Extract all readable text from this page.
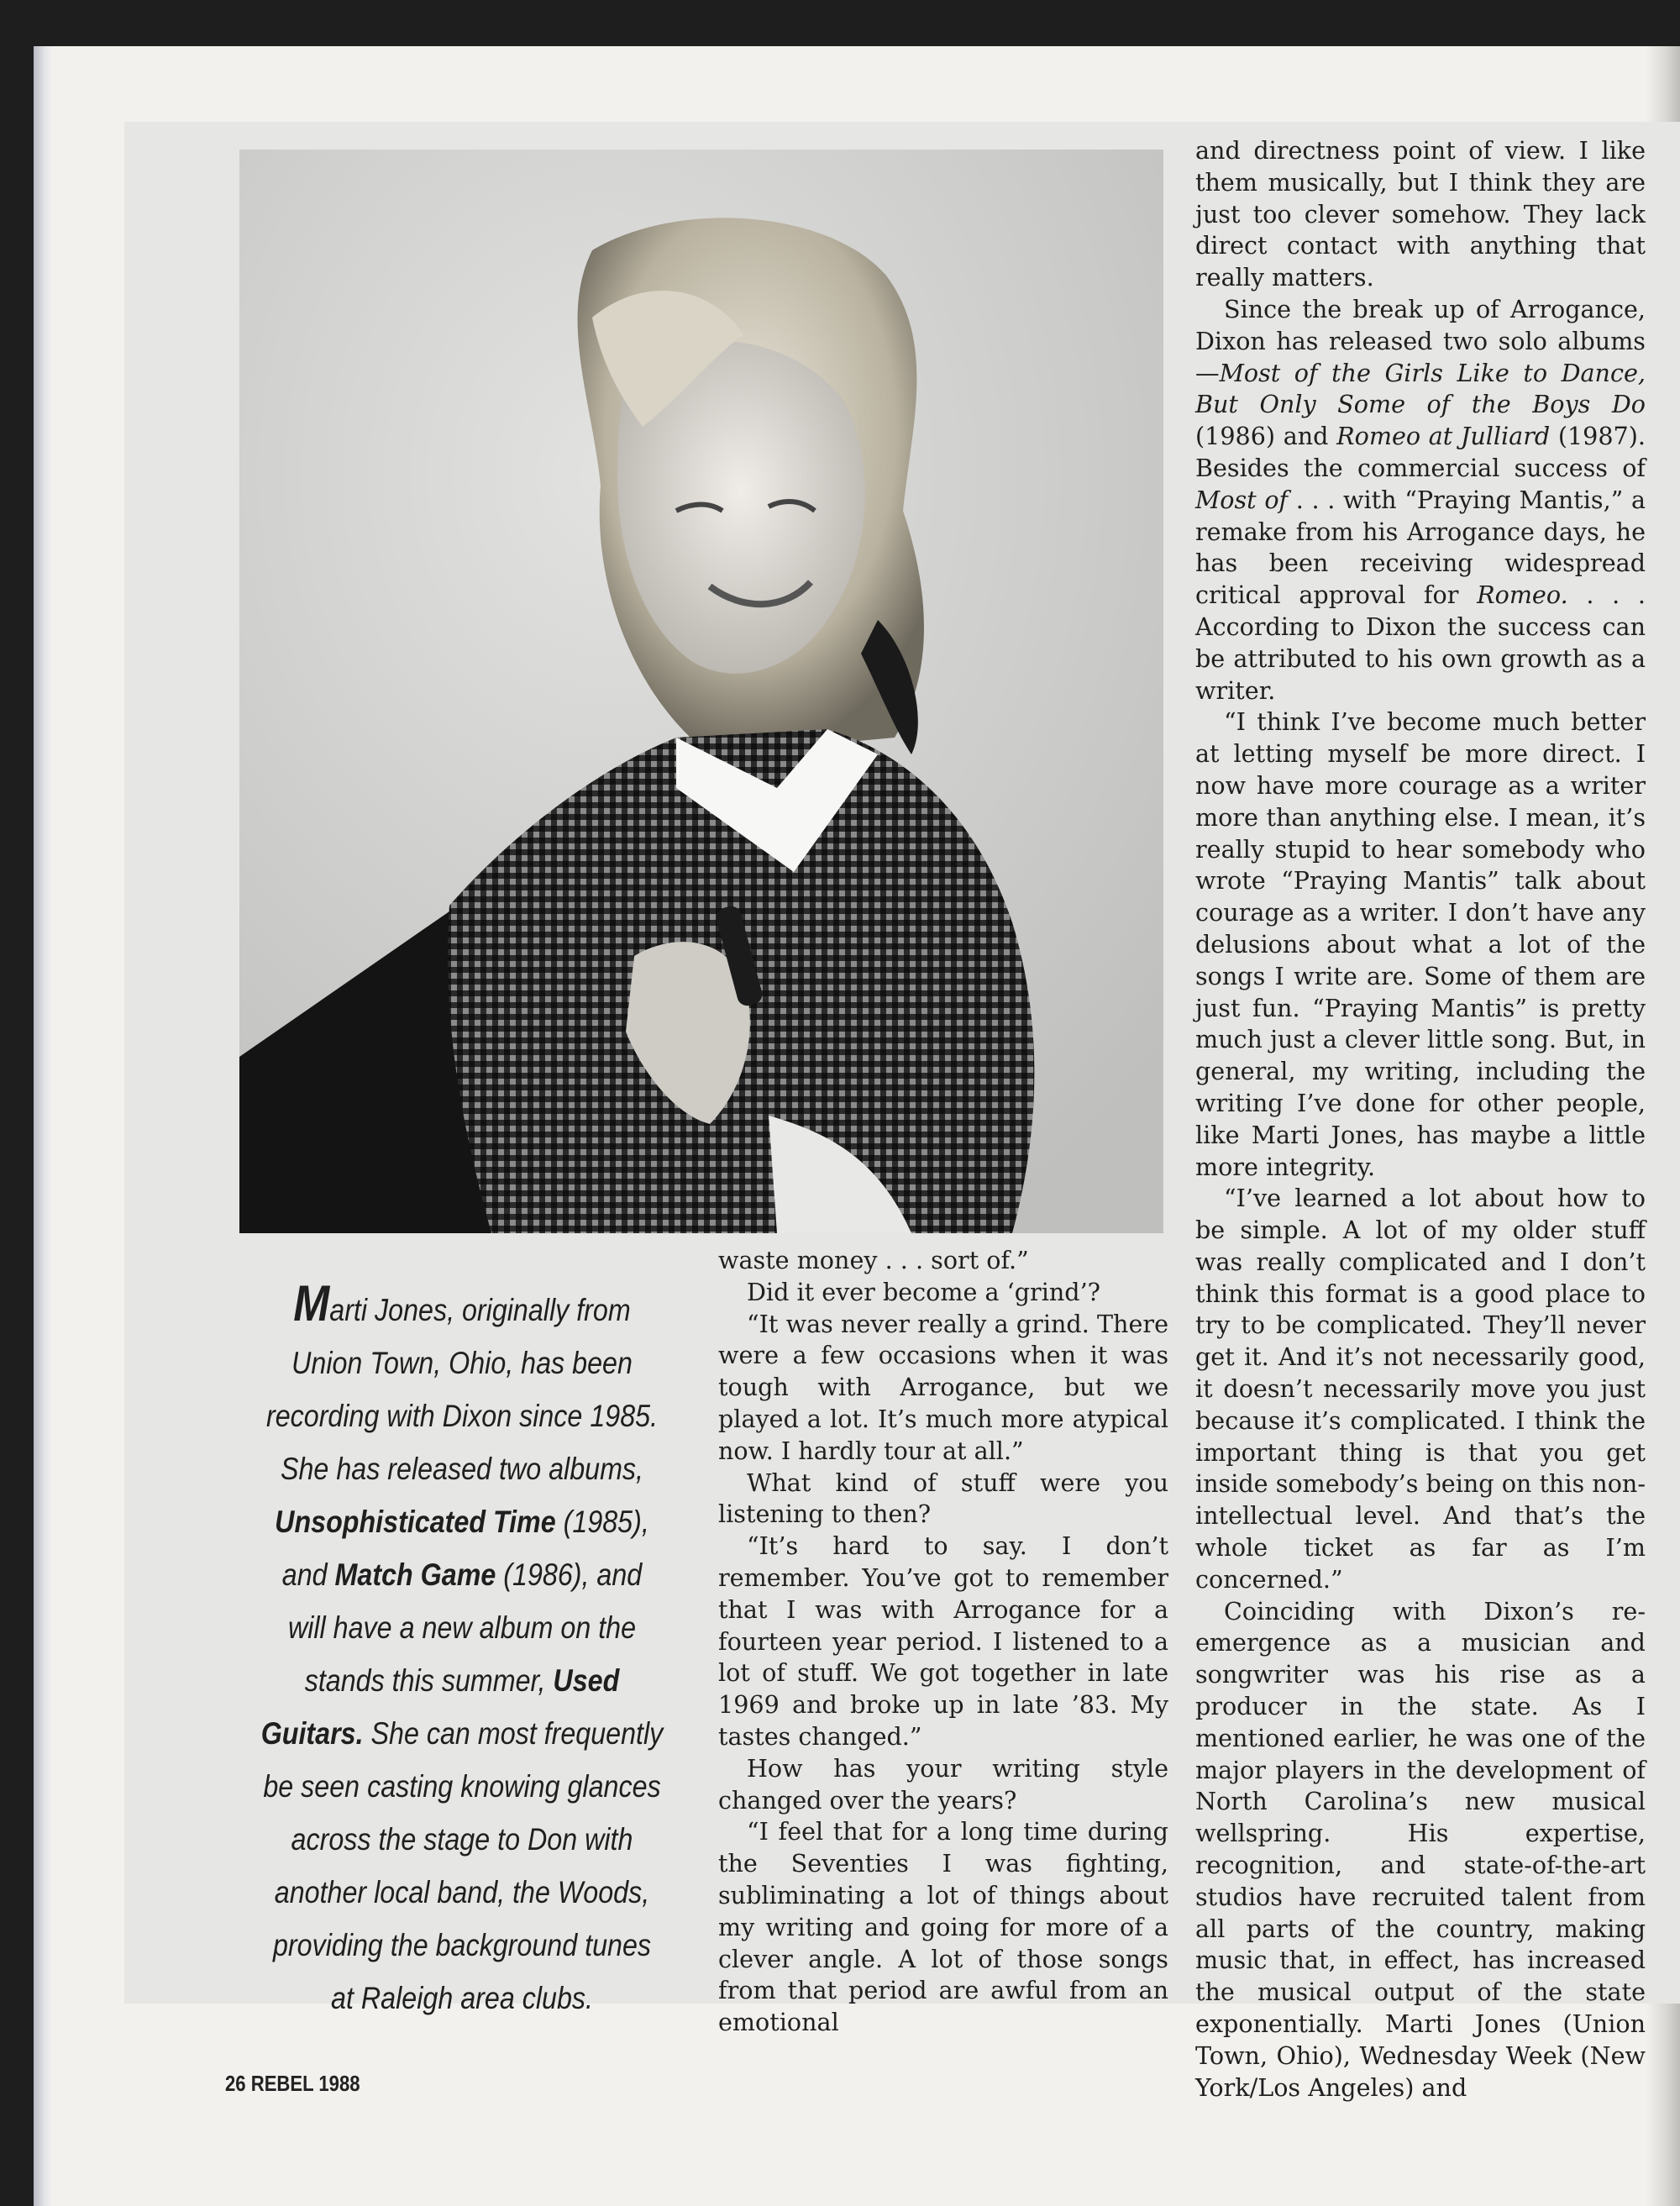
Marti Jones, originally from Union Town, Ohio, has been recording with Dixon since 1985. She has released two albums, Unsophisticated Time (1985), and Match Game (1986), and will have a new album on the stands this summer, Used Guitars. She can most frequently be seen casting knowing glances across the stage to Don with another local band, the Woods, providing the background tunes at Raleigh area clubs.

waste money . . . sort of.”

Did it ever become a ‘grind’?

“It was never really a grind. There were a few occasions when it was tough with Arrogance, but we played a lot. It’s much more atypical now. I hardly tour at all.”

What kind of stuff were you listening to then?

“It’s hard to say. I don’t remember. You’ve got to remember that I was with Arrogance for a fourteen year period. I listened to a lot of stuff. We got together in late 1969 and broke up in late ’83. My tastes changed.”

How has your writing style changed over the years?

“I feel that for a long time during the Seventies I was fighting, subliminating a lot of things about my writing and going for more of a clever angle. A lot of those songs from that period are awful from an emotional

and directness point of view. I like them musically, but I think they are just too clever somehow. They lack direct contact with anything that really matters.

Since the break up of Arrogance, Dixon has released two solo albums—Most of the Girls Like to Dance, But Only Some of the Boys Do (1986) and Romeo at Julliard (1987). Besides the commercial success of Most of . . . with “Praying Mantis,” a remake from his Arrogance days, he has been receiving widespread critical approval for Romeo. . . . According to Dixon the success can be attributed to his own growth as a writer.

“I think I’ve become much better at letting myself be more direct. I now have more courage as a writer more than anything else. I mean, it’s really stupid to hear somebody who wrote “Praying Mantis” talk about courage as a writer. I don’t have any delusions about what a lot of the songs I write are. Some of them are just fun. “Praying Mantis” is pretty much just a clever little song. But, in general, my writing, including the writing I’ve done for other people, like Marti Jones, has maybe a little more integrity.

“I’ve learned a lot about how to be simple. A lot of my older stuff was really complicated and I don’t think this format is a good place to try to be complicated. They’ll never get it. And it’s not necessarily good, it doesn’t necessarily move you just because it’s complicated. I think the important thing is that you get inside somebody’s being on this non-intellectual level. And that’s the whole ticket as far as I’m concerned.”

Coinciding with Dixon’s re-emergence as a musician and songwriter was his rise as a producer in the state. As I mentioned earlier, he was one of the major players in the development of North Carolina’s new musical wellspring. His expertise, recognition, and state-of-the-art studios have recruited talent from all parts of the country, making music that, in effect, has increased the musical output of the state exponentially. Marti Jones (Union Town, Ohio), Wednesday Week (New York/Los Angeles) and

26 REBEL 1988
